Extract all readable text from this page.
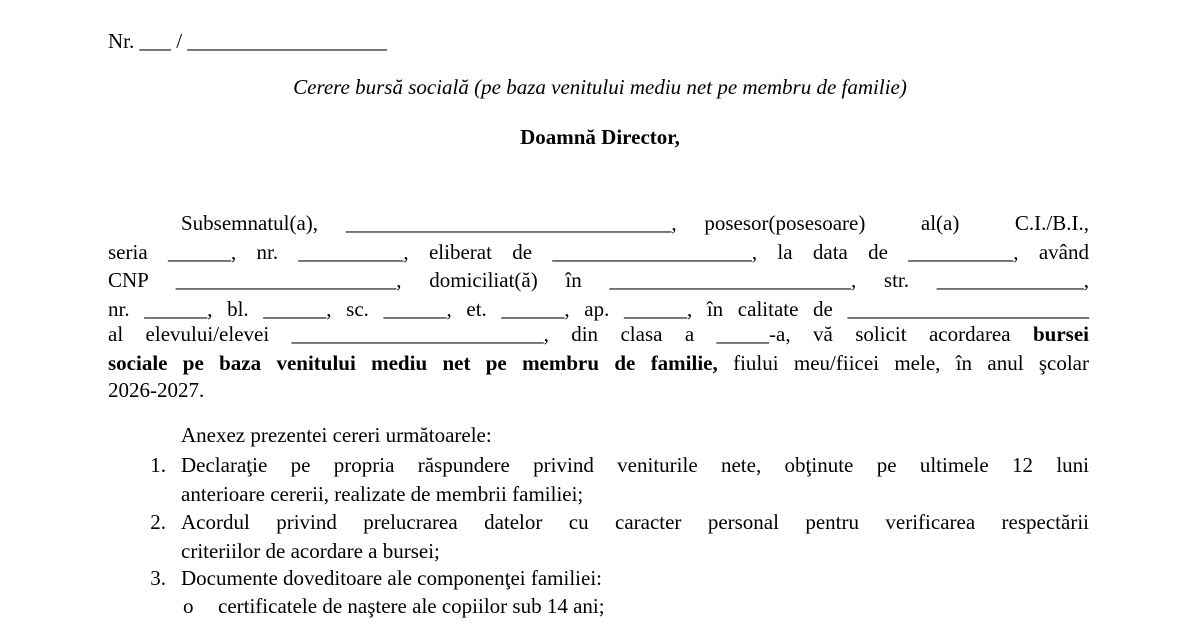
Nr. ___ / ___________________
Cerere bursă socială (pe baza venitului mediu net pe membru de familie)
Doamnă Director,
Subsemnatul(a), _______________________________, posesor(posesoare)  al(a)  C.I./B.I.,
seria ______, nr. __________, eliberat de ___________________, la data de __________, având
CNP _____________________, domiciliat(ă) în _______________________, str. ______________,
nr. ______, bl. ______, sc. ______, et. ______, ap. ______, în calitate de _______________________
al elevului/elevei ________________________, din clasa a _____-a, vă solicit acordarea bursei
sociale pe baza venitului mediu net pe membru de familie, fiului meu/fiicei mele, în anul şcolar
2026-2027.
Anexez prezentei cereri următoarele:
1. Declaraţie pe propria răspundere privind veniturile nete, obţinute pe ultimele 12 luni
anterioare cererii, realizate de membrii familiei;
2. Acordul privind prelucrarea datelor cu caracter personal pentru verificarea respectării
criteriilor de acordare a bursei;
3. Documente doveditoare ale componenţei familiei:
o certificatele de naştere ale copiilor sub 14 ani;
